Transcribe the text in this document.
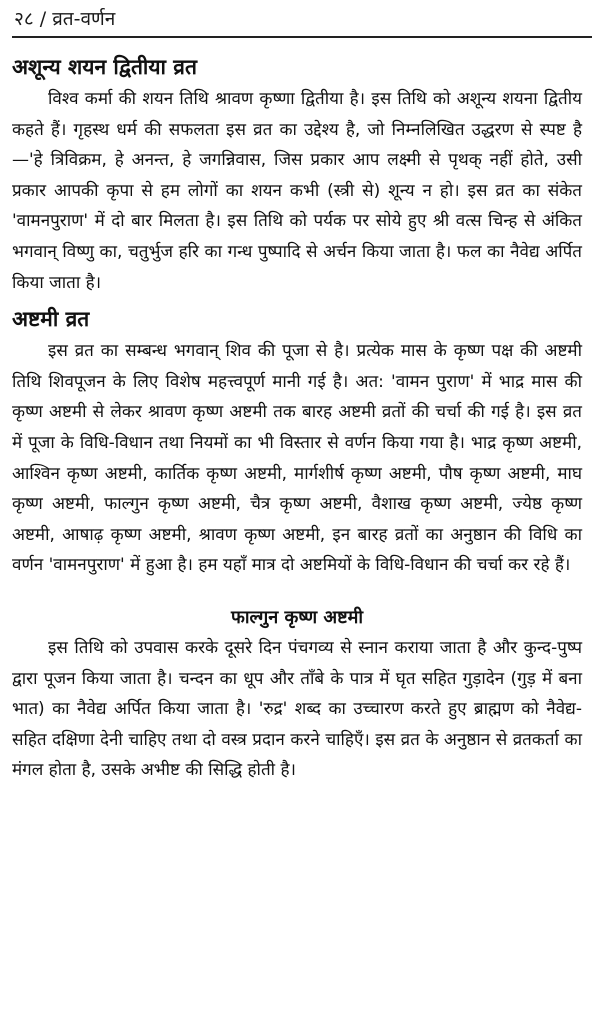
२८ / व्रत-वर्णन
अशून्य शयन द्वितीया व्रत

विश्व कर्मा की शयन तिथि श्रावण कृष्णा द्वितीया है। इस तिथि को अशून्य शयना द्वितीय कहते हैं। गृहस्थ धर्म की सफलता इस व्रत का उद्देश्य है, जो निम्नलिखित उद्धरण से स्पष्ट है—'हे त्रिविक्रम, हे अनन्त, हे जगन्निवास, जिस प्रकार आप लक्ष्मी से पृथक् नहीं होते, उसी प्रकार आपकी कृपा से हम लोगों का शयन कभी (स्त्री से) शून्य न हो। इस व्रत का संकेत 'वामनपुराण' में दो बार मिलता है। इस तिथि को पर्यक पर सोये हुए श्री वत्स चिन्ह से अंकित भगवान् विष्णु का, चतुर्भुज हरि का गन्ध पुष्पादि से अर्चन किया जाता है। फल का नैवेद्य अर्पित किया जाता है।

अष्टमी व्रत

इस व्रत का सम्बन्ध भगवान् शिव की पूजा से है। प्रत्येक मास के कृष्ण पक्ष की अष्टमी तिथि शिवपूजन के लिए विशेष महत्त्वपूर्ण मानी गई है। अत: 'वामन पुराण' में भाद्र मास की कृष्ण अष्टमी से लेकर श्रावण कृष्ण अष्टमी तक बारह अष्टमी व्रतों की चर्चा की गई है। इस व्रत में पूजा के विधि-विधान तथा नियमों का भी विस्तार से वर्णन किया गया है। भाद्र कृष्ण अष्टमी, आश्विन कृष्ण अष्टमी, कार्तिक कृष्ण अष्टमी, मार्गशीर्ष कृष्ण अष्टमी, पौष कृष्ण अष्टमी, माघ कृष्ण अष्टमी, फाल्गुन कृष्ण अष्टमी, चैत्र कृष्ण अष्टमी, वैशाख कृष्ण अष्टमी, ज्येष्ठ कृष्ण अष्टमी, आषाढ़ कृष्ण अष्टमी, श्रावण कृष्ण अष्टमी, इन बारह व्रतों का अनुष्ठान की विधि का वर्णन 'वामनपुराण' में हुआ है। हम यहाँ मात्र दो अष्टमियों के विधि-विधान की चर्चा कर रहे हैं।

फाल्गुन कृष्ण अष्टमी

इस तिथि को उपवास करके दूसरे दिन पंचगव्य से स्नान कराया जाता है और कुन्द-पुष्प द्वारा पूजन किया जाता है। चन्दन का धूप और ताँबे के पात्र में घृत सहित गुड़ादेन (गुड़ में बना भात) का नैवेद्य अर्पित किया जाता है। 'रुद्र' शब्द का उच्चारण करते हुए ब्राह्मण को नैवेद्य-सहित दक्षिणा देनी चाहिए तथा दो वस्त्र प्रदान करने चाहिएँ। इस व्रत के अनुष्ठान से व्रतकर्ता का मंगल होता है, उसके अभीष्ट की सिद्धि होती है।
